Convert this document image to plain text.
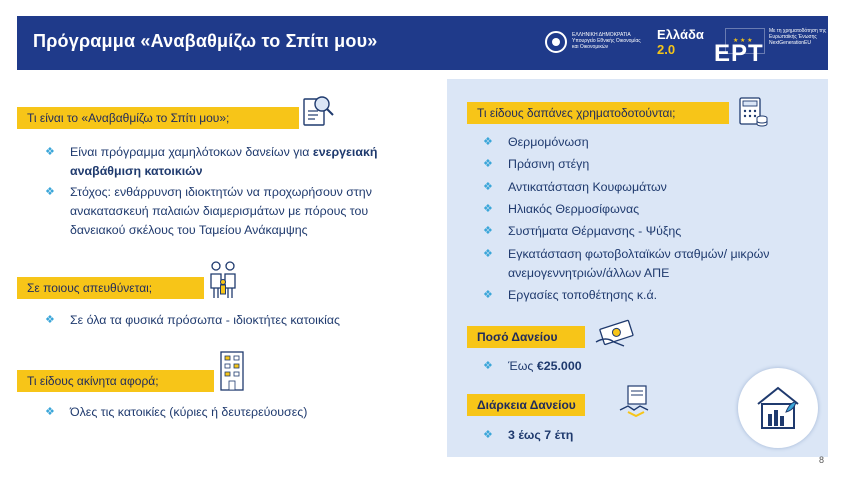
Πρόγραμμα «Αναβαθμίζω το Σπίτι μου»	ΕΛΛΗΝΙΚΗ ΔΗΜΟΚΡΑΤΙΑ Υπουργείο Εθνικής Οικονομίας και Οικονομικών
Ελλάδα 2.0
★ ★ ★
Με τη χρηματοδότηση της Ευρωπαϊκής Ένωσης NextGenerationEU
ΕΡΤ
Τι είναι το «Αναβαθμίζω το Σπίτι μου»;
❖	Είναι πρόγραμμα χαμηλότοκων δανείων για ενεργειακή αναβάθμιση κατοικιών
❖	Στόχος: ενθάρρυνση ιδιοκτητών να προχωρήσουν στην ανακατασκευή παλαιών διαμερισμάτων με πόρους του δανειακού σκέλους του Ταμείου Ανάκαμψης
Σε ποιους απευθύνεται;
❖	Σε όλα τα φυσικά πρόσωπα - ιδιοκτήτες κατοικίας
Τι είδους ακίνητα αφορά;
❖	Όλες τις κατοικίες (κύριες ή δευτερεύουσες)
Τι είδους δαπάνες χρηματοδοτούνται;
❖	Θερμομόνωση
❖	Πράσινη στέγη
❖	Αντικατάσταση Κουφωμάτων
❖	Ηλιακός Θερμοσίφωνας
❖	Συστήματα Θέρμανσης - Ψύξης
❖	Εγκατάσταση φωτοβολταϊκών σταθμών/ μικρών ανεμογεννητριών/άλλων ΑΠΕ
❖	Εργασίες τοποθέτησης κ.ά.
Ποσό Δανείου
❖	Έως €25.000
Διάρκεια Δανείου
❖	3 έως 7 έτη
8
